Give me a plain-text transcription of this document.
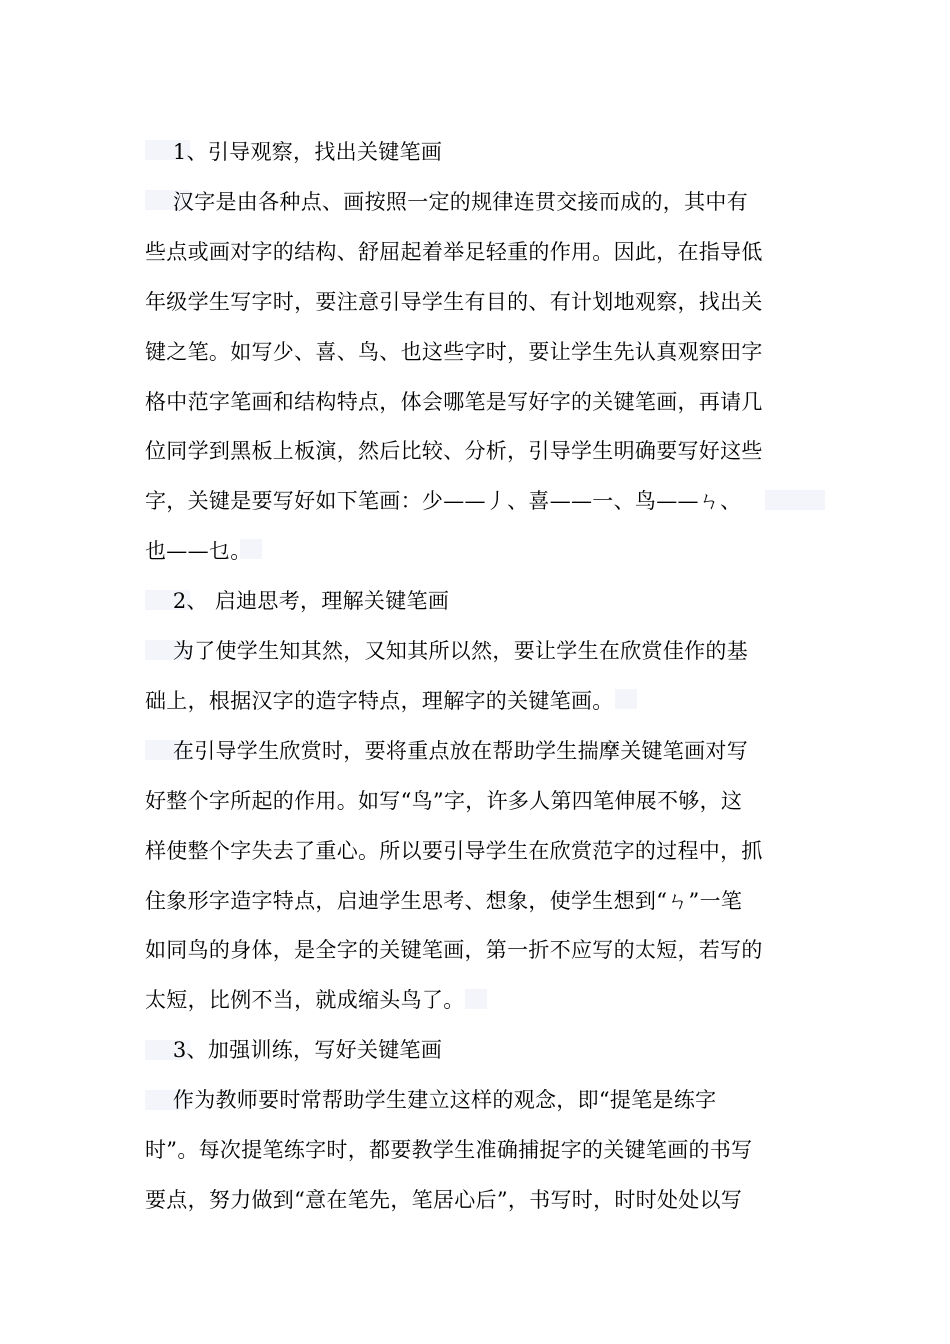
1、引导观察，找出关键笔画
汉字是由各种点、画按照一定的规律连贯交接而成的，其中有
些点或画对字的结构、舒屈起着举足轻重的作用。因此，在指导低
年级学生写字时，要注意引导学生有目的、有计划地观察，找出关
键之笔。如写少、喜、鸟、也这些字时，要让学生先认真观察田字
格中范字笔画和结构特点，体会哪笔是写好字的关键笔画，再请几
位同学到黑板上板演，然后比较、分析，引导学生明确要写好这些
字，关键是要写好如下笔画：少——丿、喜——一、鸟——ㄣ、
也——乜。
2、 启迪思考，理解关键笔画
为了使学生知其然，又知其所以然，要让学生在欣赏佳作的基
础上，根据汉字的造字特点，理解字的关键笔画。
在引导学生欣赏时，要将重点放在帮助学生揣摩关键笔画对写
好整个字所起的作用。如写“鸟”字，许多人第四笔伸展不够，这
样使整个字失去了重心。所以要引导学生在欣赏范字的过程中，抓
住象形字造字特点，启迪学生思考、想象，使学生想到“ㄣ”一笔
如同鸟的身体，是全字的关键笔画，第一折不应写的太短，若写的
太短，比例不当，就成缩头鸟了。
3、加强训练，写好关键笔画
作为教师要时常帮助学生建立这样的观念，即“提笔是练字
时”。每次提笔练字时，都要教学生准确捕捉字的关键笔画的书写
要点，努力做到“意在笔先，笔居心后”，书写时，时时处处以写
